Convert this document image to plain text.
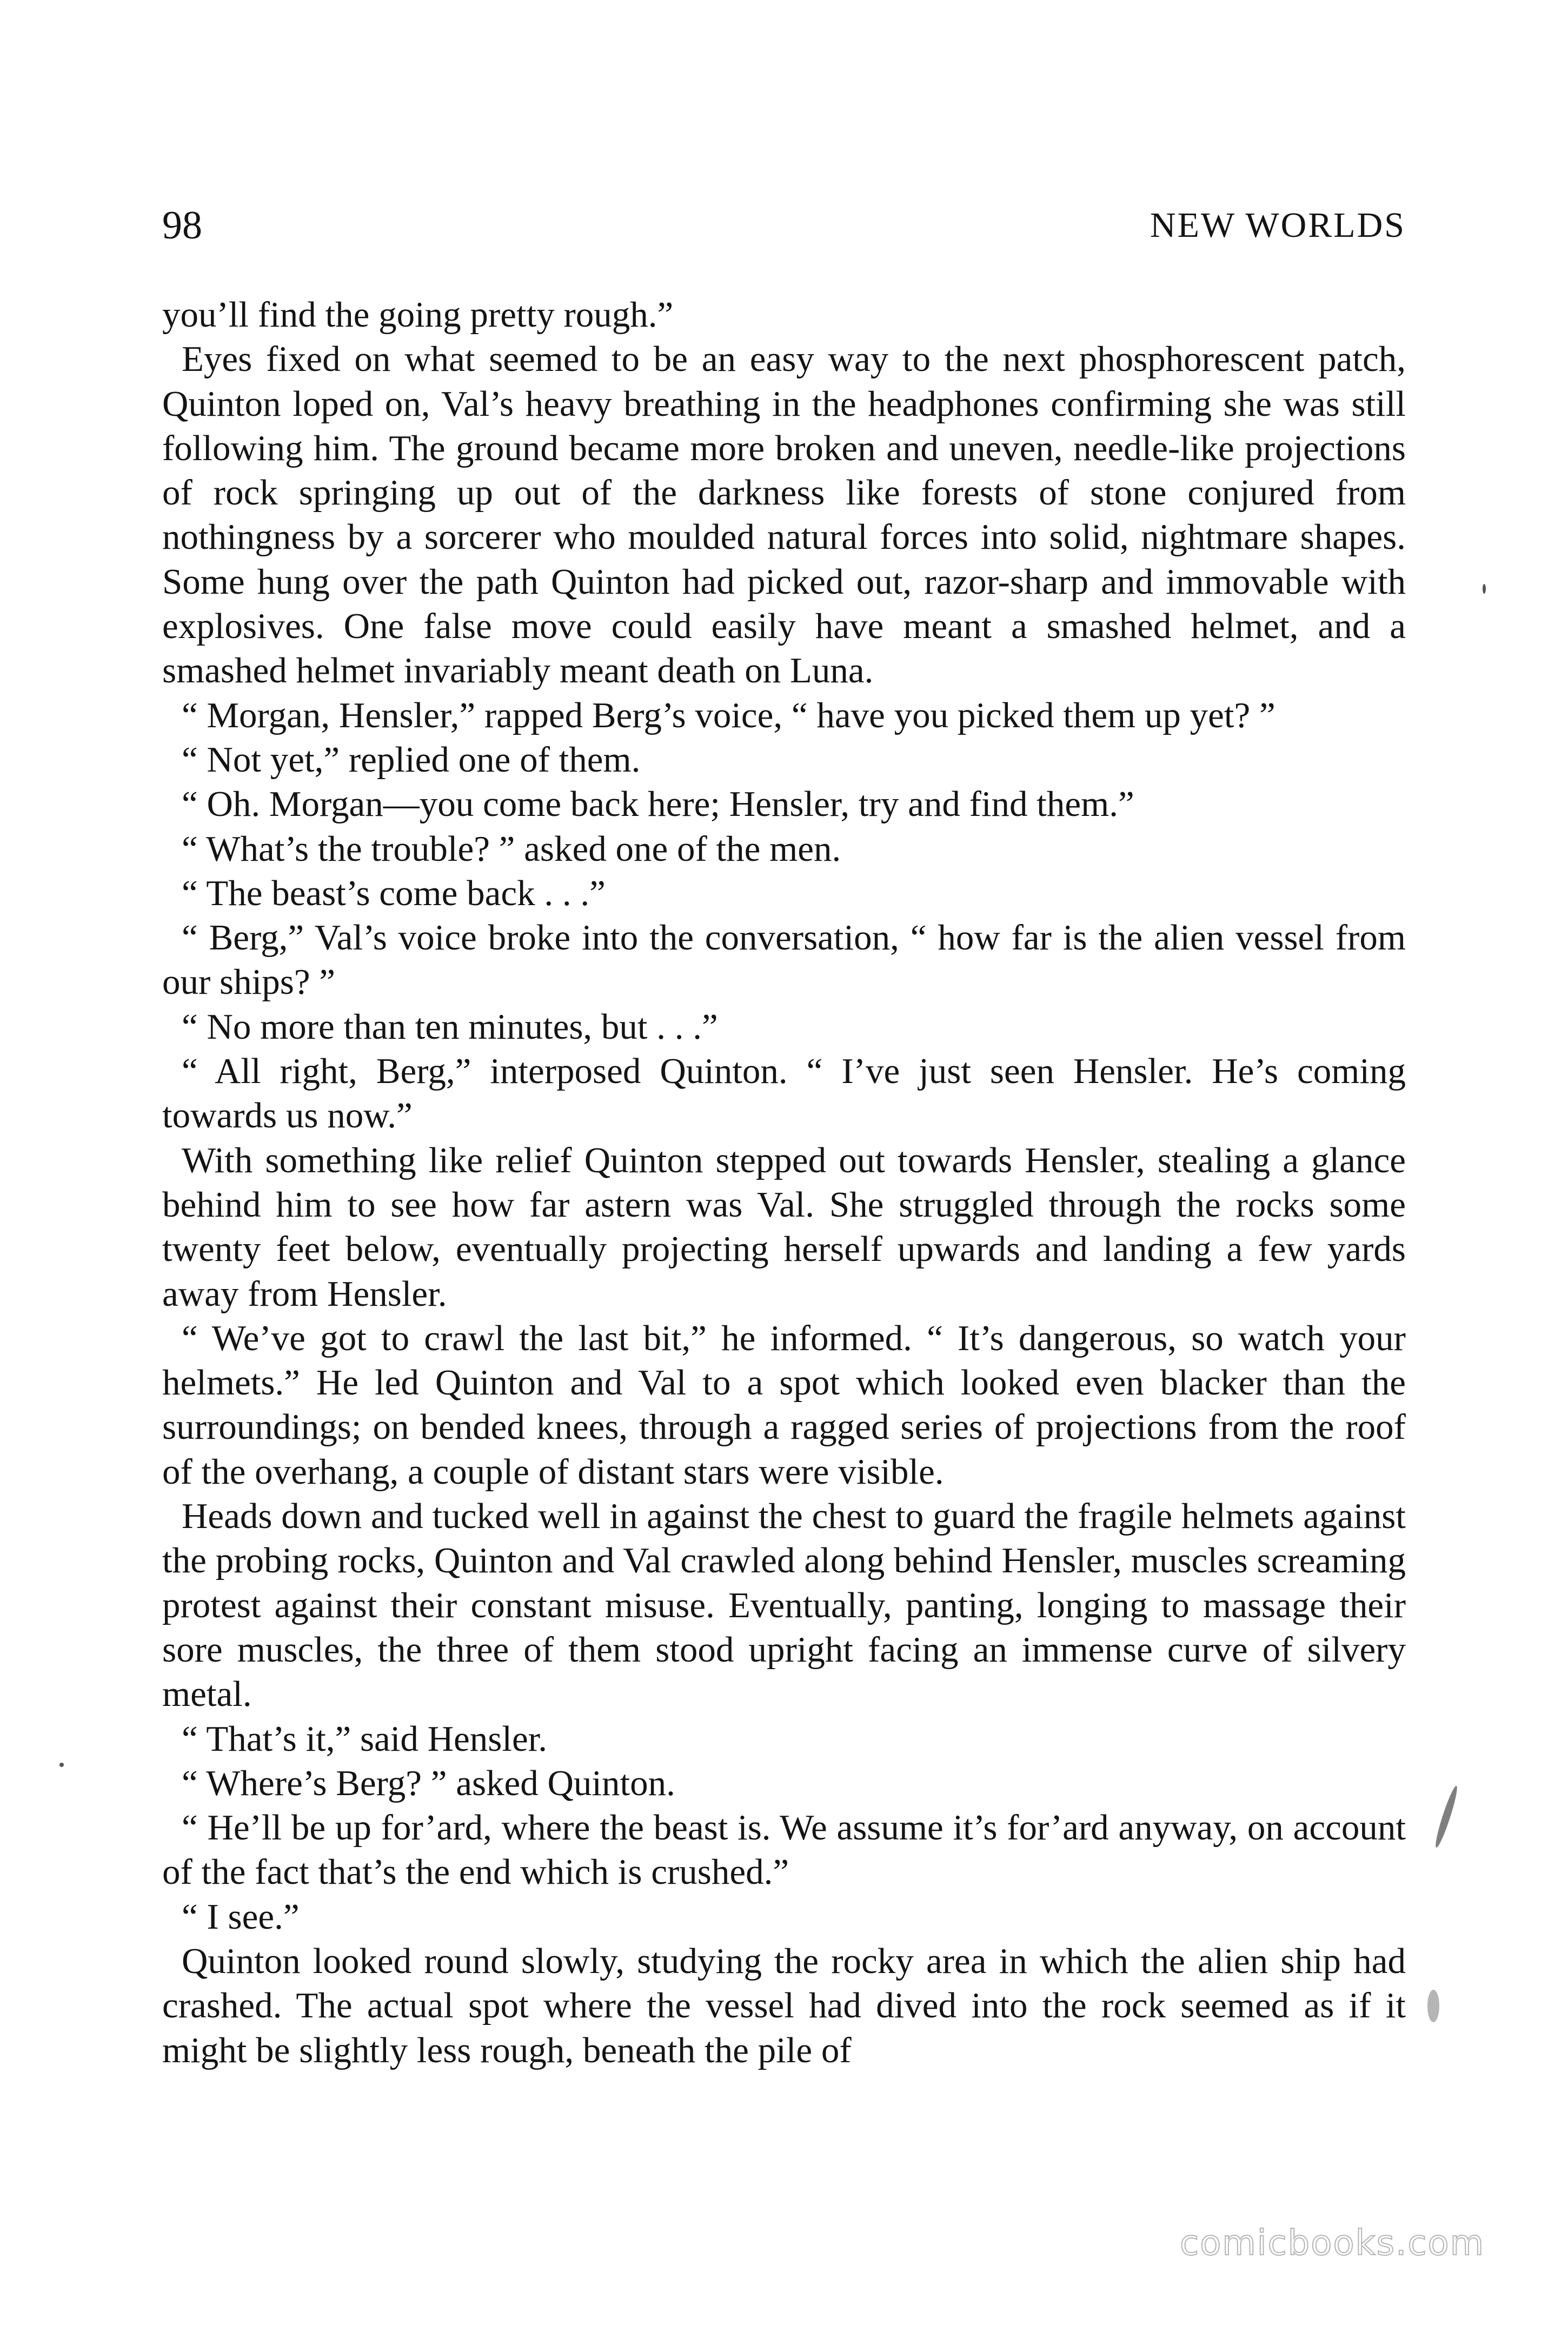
98	NEW WORLDS

you’ll find the going pretty rough.”

Eyes fixed on what seemed to be an easy way to the next phosphorescent patch, Quinton loped on, Val’s heavy breathing in the headphones confirming she was still following him. The ground became more broken and uneven, needle-like projections of rock springing up out of the darkness like forests of stone conjured from nothingness by a sorcerer who moulded natural forces into solid, nightmare shapes. Some hung over the path Quinton had picked out, razor-sharp and immovable with explosives. One false move could easily have meant a smashed helmet, and a smashed helmet invariably meant death on Luna.

“ Morgan, Hensler,” rapped Berg’s voice, “ have you picked them up yet? ”

“ Not yet,” replied one of them.

“ Oh. Morgan—you come back here; Hensler, try and find them.”

“ What’s the trouble? ” asked one of the men.

“ The beast’s come back . . .”

“ Berg,” Val’s voice broke into the conversation, “ how far is the alien vessel from our ships? ”

“ No more than ten minutes, but . . .”

“ All right, Berg,” interposed Quinton. “ I’ve just seen Hensler. He’s coming towards us now.”

With something like relief Quinton stepped out towards Hensler, stealing a glance behind him to see how far astern was Val. She struggled through the rocks some twenty feet below, eventually projecting herself upwards and landing a few yards away from Hensler.

“ We’ve got to crawl the last bit,” he informed. “ It’s dangerous, so watch your helmets.” He led Quinton and Val to a spot which looked even blacker than the surroundings; on bended knees, through a ragged series of projections from the roof of the overhang, a couple of distant stars were visible.

Heads down and tucked well in against the chest to guard the fragile helmets against the probing rocks, Quinton and Val crawled along behind Hensler, muscles screaming protest against their constant misuse. Eventually, panting, longing to massage their sore muscles, the three of them stood upright facing an immense curve of silvery metal.

“ That’s it,” said Hensler.

“ Where’s Berg? ” asked Quinton.

“ He’ll be up for’ard, where the beast is. We assume it’s for’ard anyway, on account of the fact that’s the end which is crushed.”

“ I see.”

Quinton looked round slowly, studying the rocky area in which the alien ship had crashed. The actual spot where the vessel had dived into the rock seemed as if it might be slightly less rough, beneath the pile of

comicbooks.com
